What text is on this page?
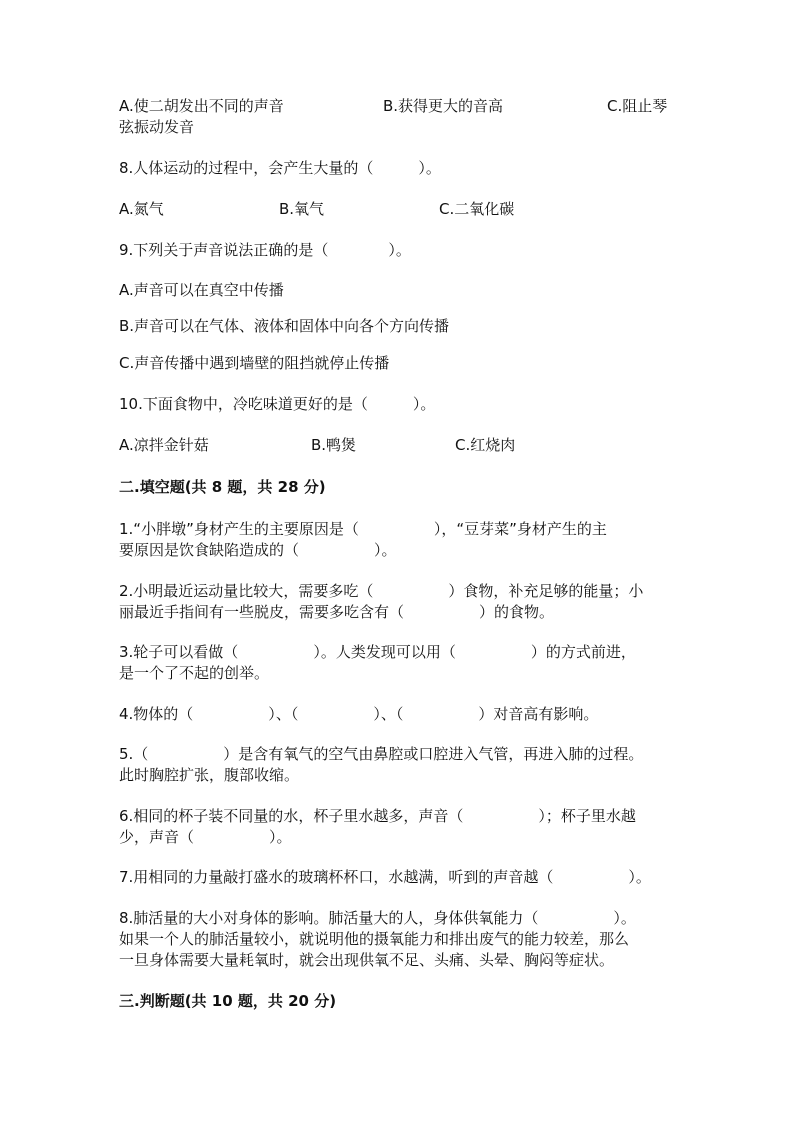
A.使二胡发出不同的声音	B.获得更大的音高	C.阻止琴
弦振动发音
8.人体运动的过程中，会产生大量的（　　　）。
A.氮气	B.氧气	C.二氧化碳
9.下列关于声音说法正确的是（　　　　）。
A.声音可以在真空中传播
B.声音可以在气体、液体和固体中向各个方向传播
C.声音传播中遇到墙壁的阻挡就停止传播
10.下面食物中，冷吃味道更好的是（　　　）。
A.凉拌金针菇	B.鸭煲	C.红烧肉
二.填空题(共 8 题，共 28 分)
1.“小胖墩”身材产生的主要原因是（　　　　　），“豆芽菜”身材产生的主
要原因是饮食缺陷造成的（　　　　　）。
2.小明最近运动量比较大，需要多吃（　　　　　）食物，补充足够的能量；小
丽最近手指间有一些脱皮，需要多吃含有（　　　　　）的食物。
3.轮子可以看做（　　　　　）。人类发现可以用（　　　　　）的方式前进，
是一个了不起的创举。
4.物体的（　　　　　）、（　　　　　）、（　　　　　）对音高有影响。
5.（　　　　　）是含有氧气的空气由鼻腔或口腔进入气管，再进入肺的过程。
此时胸腔扩张，腹部收缩。
6.相同的杯子装不同量的水，杯子里水越多，声音（　　　　　）；杯子里水越
少，声音（　　　　　）。
7.用相同的力量敲打盛水的玻璃杯杯口，水越满，听到的声音越（　　　　　）。
8.肺活量的大小对身体的影响。肺活量大的人，身体供氧能力（　　　　　）。
如果一个人的肺活量较小，就说明他的摄氧能力和排出废气的能力较差，那么
一旦身体需要大量耗氧时，就会出现供氧不足、头痛、头晕、胸闷等症状。
三.判断题(共 10 题，共 20 分)
